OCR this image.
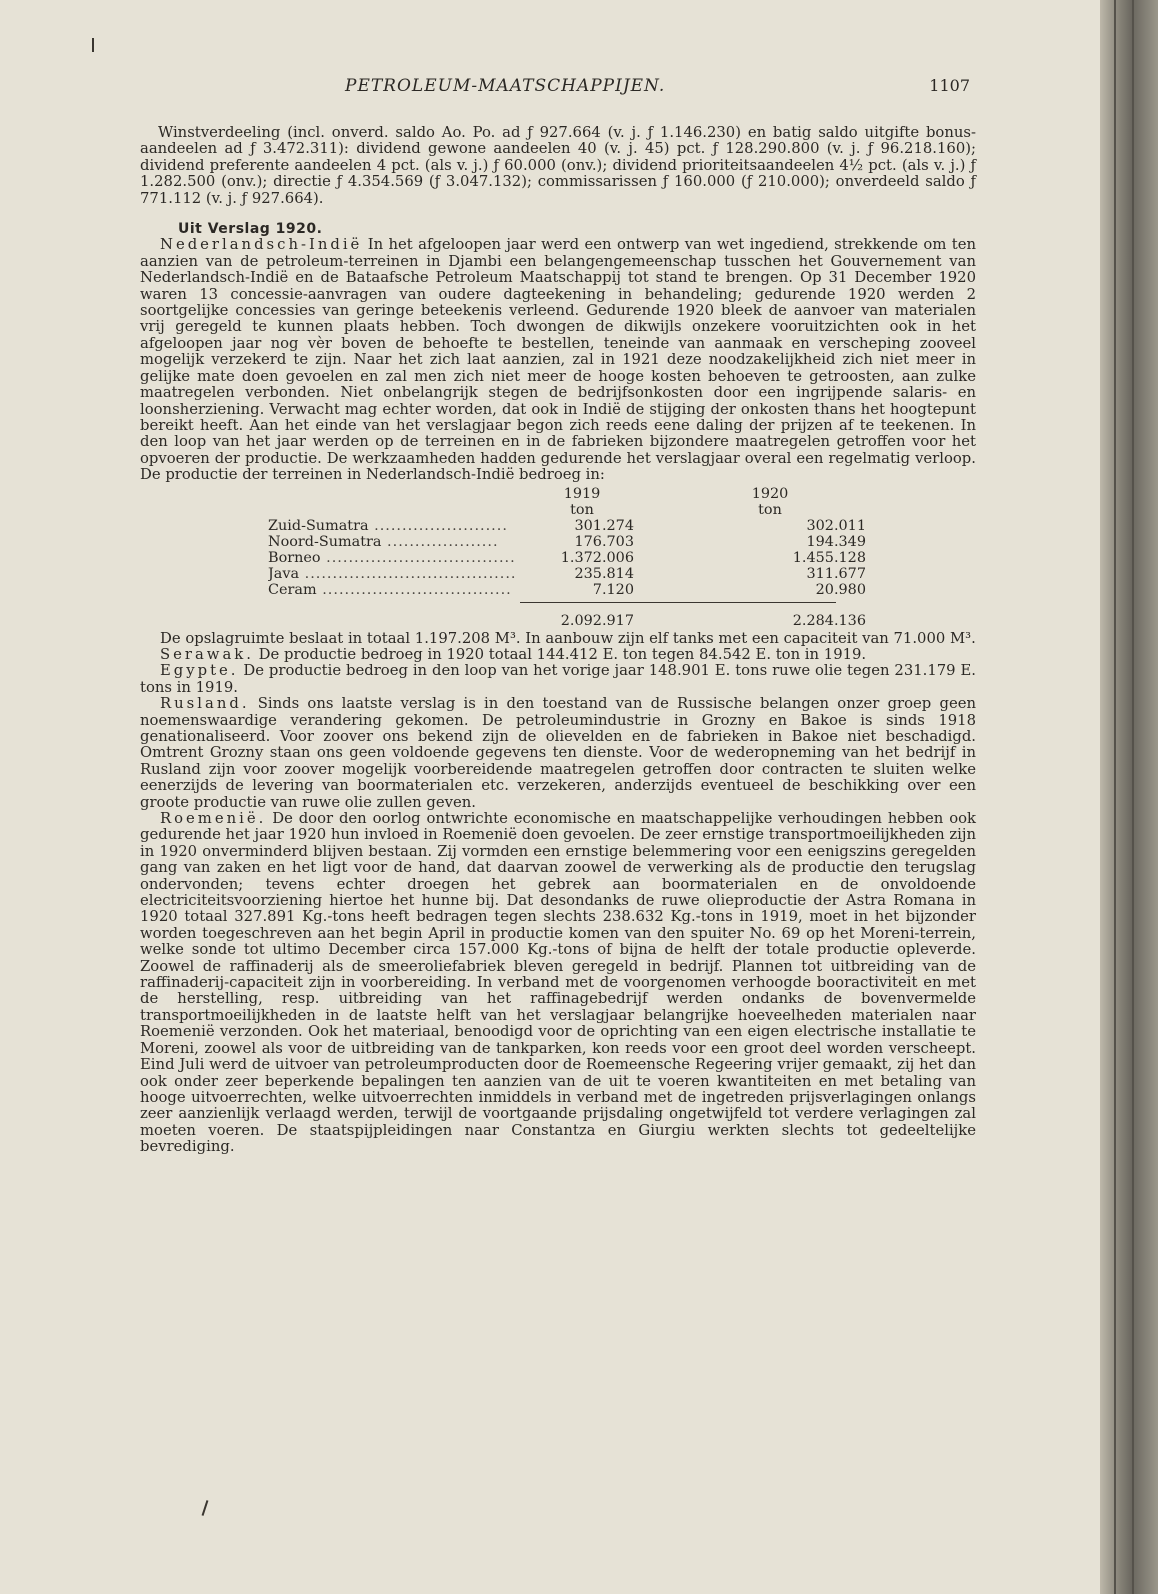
PETROLEUM-MAATSCHAPPIJEN.	1107

Winstverdeeling (incl. onverd. saldo Ao. Po. ad ƒ 927.664 (v. j. ƒ 1.146.230) en batig saldo uitgifte bonus-aandeelen ad ƒ 3.472.311): dividend gewone aandeelen 40 (v. j. 45) pct. ƒ 128.290.800 (v. j. ƒ 96.218.160); dividend preferente aandeelen 4 pct. (als v. j.) ƒ 60.000 (onv.); dividend prioriteitsaandeelen 4½ pct. (als v. j.) ƒ 1.282.500 (onv.); directie ƒ 4.354.569 (ƒ 3.047.132); commissarissen ƒ 160.000 (ƒ 210.000); onverdeeld saldo ƒ 771.112 (v. j. ƒ 927.664).

Uit Verslag 1920.

Nederlandsch-Indië In het afgeloopen jaar werd een ontwerp van wet ingediend, strekkende om ten aanzien van de petroleum-terreinen in Djambi een belangengemeenschap tusschen het Gouvernement van Nederlandsch-Indië en de Bataafsche Petroleum Maatschappij tot stand te brengen. Op 31 December 1920 waren 13 concessie-aanvragen van oudere dagteekening in behandeling; gedurende 1920 werden 2 soortgelijke concessies van geringe beteekenis verleend. Gedurende 1920 bleek de aanvoer van materialen vrij geregeld te kunnen plaats hebben. Toch dwongen de dikwijls onzekere vooruitzichten ook in het afgeloopen jaar nog vèr boven de behoefte te bestellen, teneinde van aanmaak en verscheping zooveel mogelijk verzekerd te zijn. Naar het zich laat aanzien, zal in 1921 deze noodzakelijkheid zich niet meer in gelijke mate doen gevoelen en zal men zich niet meer de hooge kosten behoeven te getroosten, aan zulke maatregelen verbonden. Niet onbelangrijk stegen de bedrijfsonkosten door een ingrijpende salaris- en loonsherziening. Verwacht mag echter worden, dat ook in Indië de stijging der onkosten thans het hoogtepunt bereikt heeft. Aan het einde van het verslagjaar begon zich reeds eene daling der prijzen af te teekenen. In den loop van het jaar werden op de terreinen en in de fabrieken bijzondere maatregelen getroffen voor het opvoeren der productie. De werkzaamheden hadden gedurende het verslagjaar overal een regelmatig verloop. De productie der terreinen in Nederlandsch-Indië bedroeg in:

	1919	1920
	ton	ton
Zuid-Sumatra ........................	301.274	302.011
Noord-Sumatra ....................	176.703	194.349
Borneo ..................................	1.372.006	1.455.128
Java ......................................	235.814	311.677
Ceram ..................................	7.120	20.980

	2.092.917	2.284.136

De opslagruimte beslaat in totaal 1.197.208 M³. In aanbouw zijn elf tanks met een capaciteit van 71.000 M³.

Serawak. De productie bedroeg in 1920 totaal 144.412 E. ton tegen 84.542 E. ton in 1919.

Egypte. De productie bedroeg in den loop van het vorige jaar 148.901 E. tons ruwe olie tegen 231.179 E. tons in 1919.

Rusland. Sinds ons laatste verslag is in den toestand van de Russische belangen onzer groep geen noemenswaardige verandering gekomen. De petroleumindustrie in Grozny en Bakoe is sinds 1918 genationaliseerd. Voor zoover ons bekend zijn de olievelden en de fabrieken in Bakoe niet beschadigd. Omtrent Grozny staan ons geen voldoende gegevens ten dienste. Voor de wederopneming van het bedrijf in Rusland zijn voor zoover mogelijk voorbereidende maatregelen getroffen door contracten te sluiten welke eenerzijds de levering van boormaterialen etc. verzekeren, anderzijds eventueel de beschikking over een groote productie van ruwe olie zullen geven.

Roemenië. De door den oorlog ontwrichte economische en maatschappelijke verhoudingen hebben ook gedurende het jaar 1920 hun invloed in Roemenië doen gevoelen. De zeer ernstige transportmoeilijkheden zijn in 1920 onverminderd blijven bestaan. Zij vormden een ernstige belemmering voor een eenigszins geregelden gang van zaken en het ligt voor de hand, dat daarvan zoowel de verwerking als de productie den terugslag ondervonden; tevens echter droegen het gebrek aan boormaterialen en de onvoldoende electriciteitsvoorziening hiertoe het hunne bij. Dat desondanks de ruwe olieproductie der Astra Romana in 1920 totaal 327.891 Kg.-tons heeft bedragen tegen slechts 238.632 Kg.-tons in 1919, moet in het bijzonder worden toegeschreven aan het begin April in productie komen van den spuiter No. 69 op het Moreni-terrein, welke sonde tot ultimo December circa 157.000 Kg.-tons of bijna de helft der totale productie opleverde. Zoowel de raffinaderij als de smeeroliefabriek bleven geregeld in bedrijf. Plannen tot uitbreiding van de raffinaderij-capaciteit zijn in voorbereiding. In verband met de voorgenomen verhoogde booractiviteit en met de herstelling, resp. uitbreiding van het raffinagebedrijf werden ondanks de bovenvermelde transportmoeilijkheden in de laatste helft van het verslagjaar belangrijke hoeveelheden materialen naar Roemenië verzonden. Ook het materiaal, benoodigd voor de oprichting van een eigen electrische installatie te Moreni, zoowel als voor de uitbreiding van de tankparken, kon reeds voor een groot deel worden verscheept. Eind Juli werd de uitvoer van petroleumproducten door de Roemeensche Regeering vrijer gemaakt, zij het dan ook onder zeer beperkende bepalingen ten aanzien van de uit te voeren kwantiteiten en met betaling van hooge uitvoerrechten, welke uitvoerrechten inmiddels in verband met de ingetreden prijsverlagingen onlangs zeer aanzienlijk verlaagd werden, terwijl de voortgaande prijsdaling ongetwijfeld tot verdere verlagingen zal moeten voeren. De staatspijpleidingen naar Constantza en Giurgiu werkten slechts tot gedeeltelijke bevrediging.
